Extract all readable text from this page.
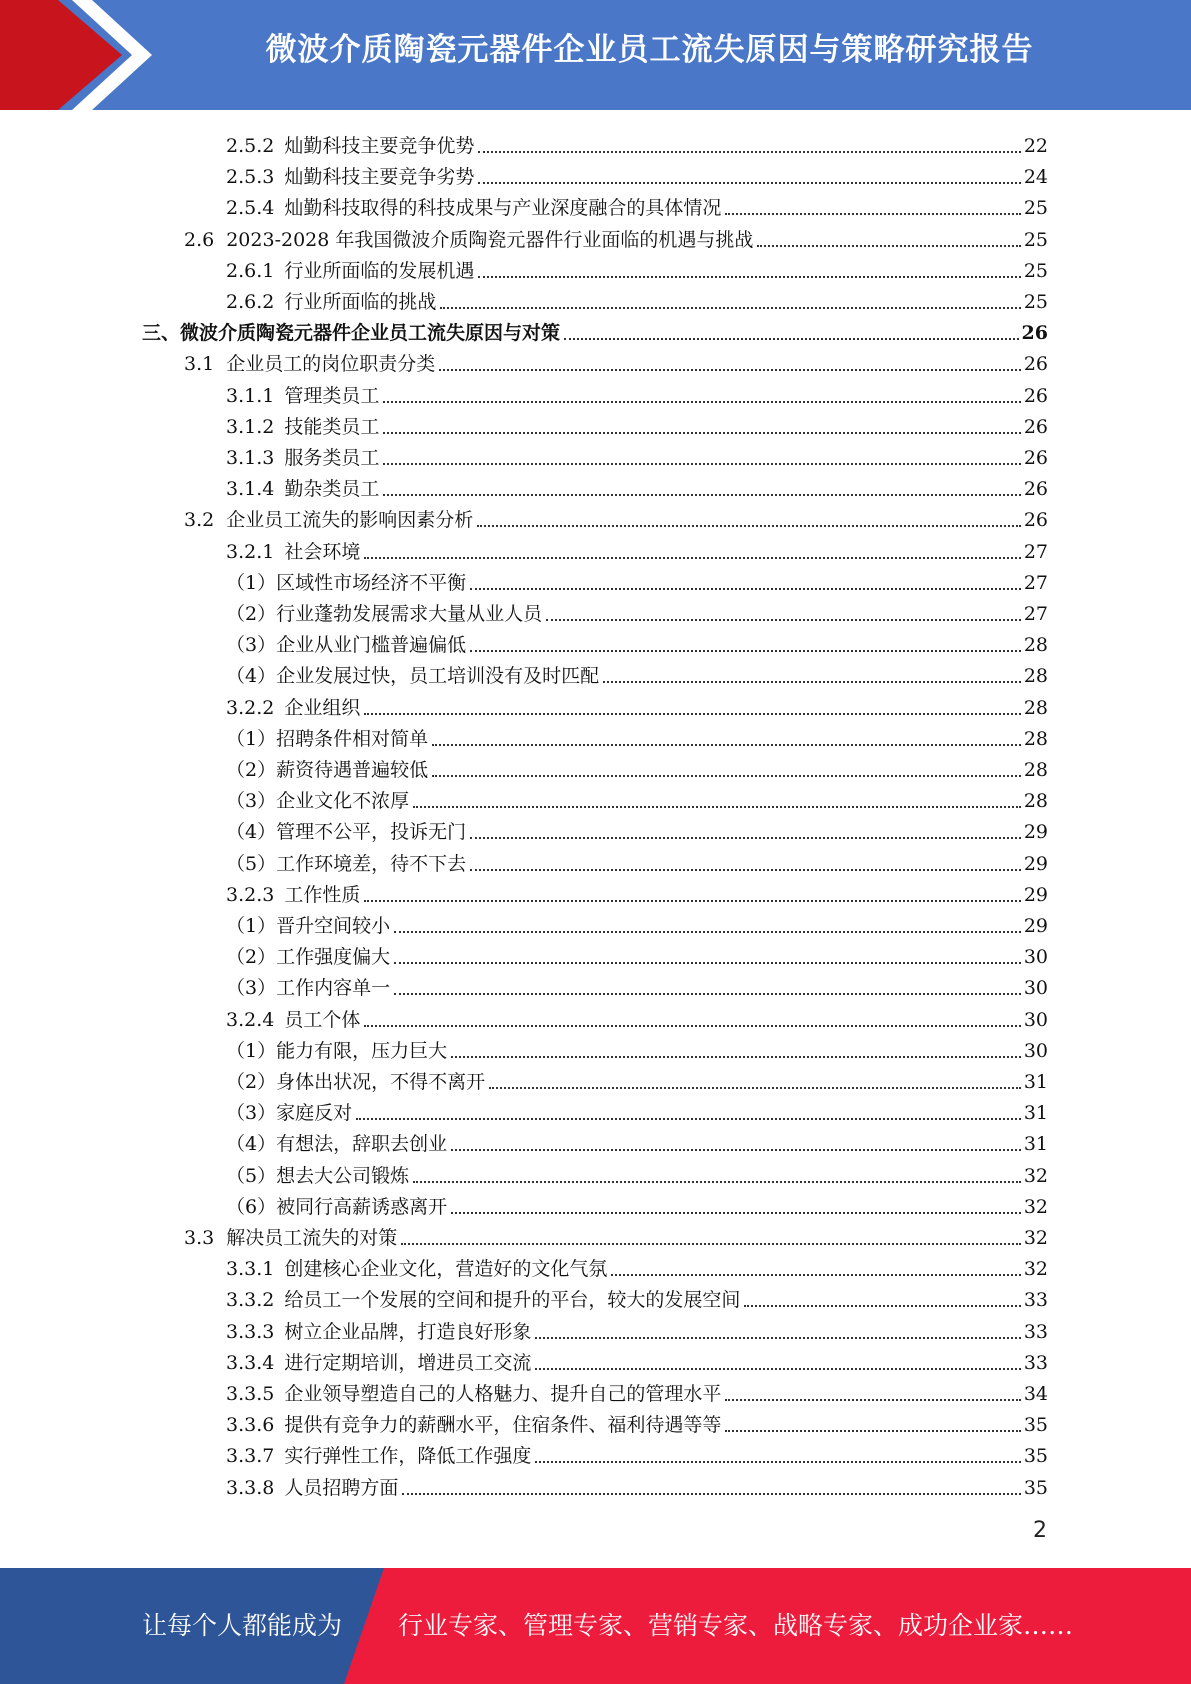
微波介质陶瓷元器件企业员工流失原因与策略研究报告
2.5.2 灿勤科技主要竞争优势	22
2.5.3 灿勤科技主要竞争劣势	24
2.5.4 灿勤科技取得的科技成果与产业深度融合的具体情况	25
2.6 2023-2028 年我国微波介质陶瓷元器件行业面临的机遇与挑战	25
2.6.1 行业所面临的发展机遇	25
2.6.2 行业所面临的挑战	25
三、微波介质陶瓷元器件企业员工流失原因与对策	26
3.1 企业员工的岗位职责分类	26
3.1.1 管理类员工	26
3.1.2 技能类员工	26
3.1.3 服务类员工	26
3.1.4 勤杂类员工	26
3.2 企业员工流失的影响因素分析	26
3.2.1 社会环境	27
（1）区域性市场经济不平衡	27
（2）行业蓬勃发展需求大量从业人员	27
（3）企业从业门槛普遍偏低	28
（4）企业发展过快，员工培训没有及时匹配	28
3.2.2 企业组织	28
（1）招聘条件相对简单	28
（2）薪资待遇普遍较低	28
（3）企业文化不浓厚	28
（4）管理不公平，投诉无门	29
（5）工作环境差，待不下去	29
3.2.3 工作性质	29
（1）晋升空间较小	29
（2）工作强度偏大	30
（3）工作内容单一	30
3.2.4 员工个体	30
（1）能力有限，压力巨大	30
（2）身体出状况，不得不离开	31
（3）家庭反对	31
（4）有想法，辞职去创业	31
（5）想去大公司锻炼	32
（6）被同行高薪诱惑离开	32
3.3 解决员工流失的对策	32
3.3.1 创建核心企业文化，营造好的文化气氛	32
3.3.2 给员工一个发展的空间和提升的平台，较大的发展空间	33
3.3.3 树立企业品牌，打造良好形象	33
3.3.4 进行定期培训，增进员工交流	33
3.3.5 企业领导塑造自己的人格魅力、提升自己的管理水平	34
3.3.6 提供有竞争力的薪酬水平，住宿条件、福利待遇等等	35
3.3.7 实行弹性工作，降低工作强度	35
3.3.8 人员招聘方面	35
2
让每个人都能成为 行业专家、管理专家、营销专家、战略专家、成功企业家……
